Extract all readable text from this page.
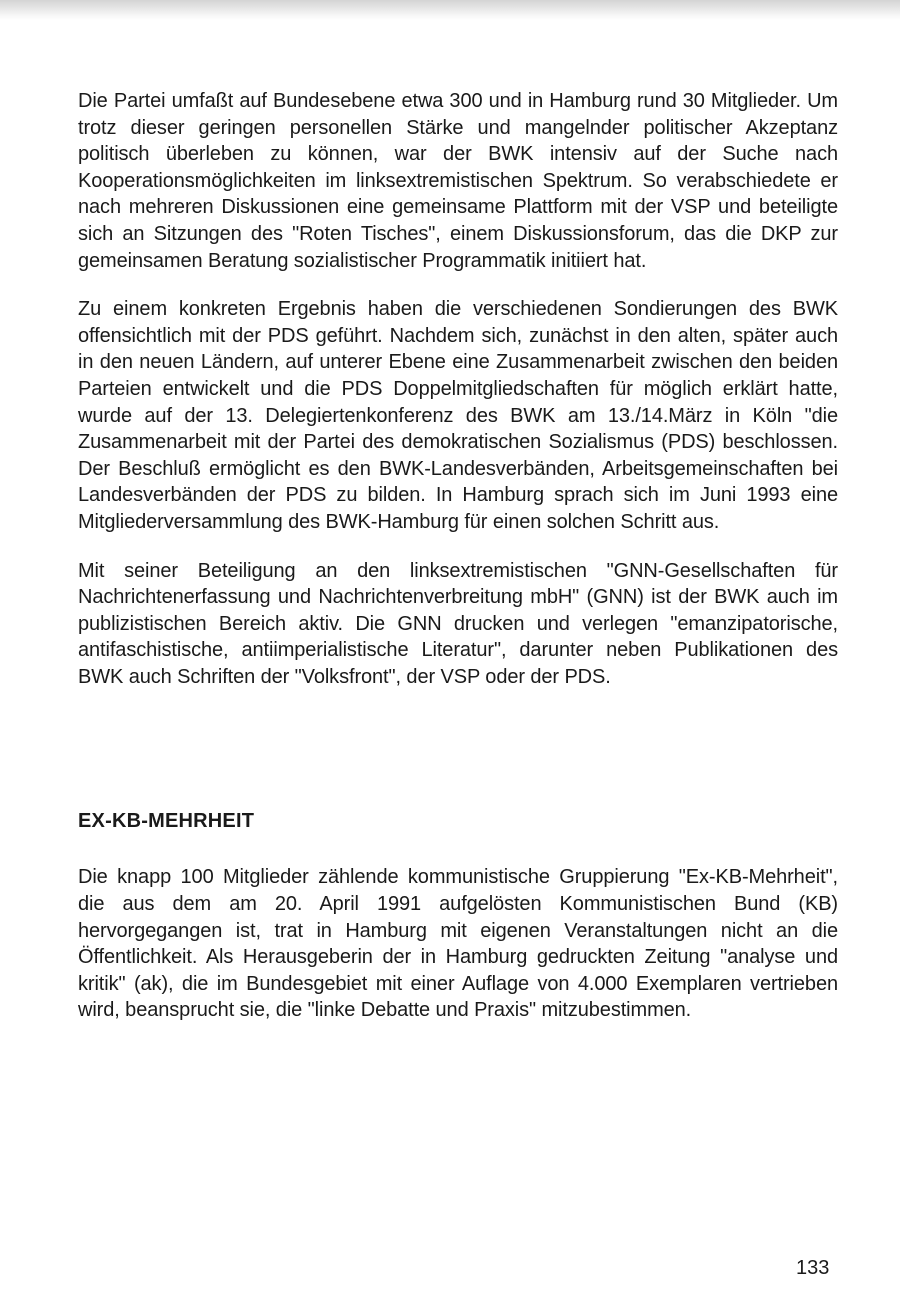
Die Partei umfaßt auf Bundesebene etwa 300 und in Hamburg rund 30 Mitglieder. Um trotz dieser geringen personellen Stärke und mangelnder politischer Akzeptanz politisch überleben zu können, war der BWK intensiv auf der Suche nach Kooperationsmöglichkeiten im linksextremistischen Spektrum. So verabschiedete er nach mehreren Diskussionen eine gemeinsame Plattform mit der VSP und beteiligte sich an Sitzungen des "Roten Tisches", einem Diskussionsforum, das die DKP zur gemeinsamen Beratung sozialistischer Programmatik initiiert hat.

Zu einem konkreten Ergebnis haben die verschiedenen Sondierungen des BWK offensichtlich mit der PDS geführt. Nachdem sich, zunächst in den alten, später auch in den neuen Ländern, auf unterer Ebene eine Zusammenarbeit zwischen den beiden Parteien entwickelt und die PDS Doppelmitgliedschaften für möglich erklärt hatte, wurde auf der 13. Delegiertenkonferenz des BWK am 13./14.März in Köln "die Zusammenarbeit mit der Partei des demokratischen Sozialismus (PDS) beschlossen. Der Beschluß ermöglicht es den BWK-Landesverbänden, Arbeitsgemeinschaften bei Landesverbänden der PDS zu bilden. In Hamburg sprach sich im Juni 1993 eine Mitgliederversammlung des BWK-Hamburg für einen solchen Schritt aus.

Mit seiner Beteiligung an den linksextremistischen "GNN-Gesellschaften für Nachrichtenerfassung und Nachrichtenverbreitung mbH" (GNN) ist der BWK auch im publizistischen Bereich aktiv. Die GNN drucken und verlegen "emanzipatorische, antifaschistische, antiimperialistische Literatur", darunter neben Publikationen des BWK auch Schriften der "Volksfront", der VSP oder der PDS.

EX-KB-MEHRHEIT

Die knapp 100 Mitglieder zählende kommunistische Gruppierung "Ex-KB-Mehrheit", die aus dem am 20. April 1991 aufgelösten Kommunistischen Bund (KB) hervorgegangen ist, trat in Hamburg mit eigenen Veranstaltungen nicht an die Öffentlichkeit. Als Herausgeberin der in Hamburg gedruckten Zeitung "analyse und kritik" (ak), die im Bundesgebiet mit einer Auflage von 4.000 Exemplaren vertrieben wird, beansprucht sie, die "linke Debatte und Praxis" mitzubestimmen.

133
